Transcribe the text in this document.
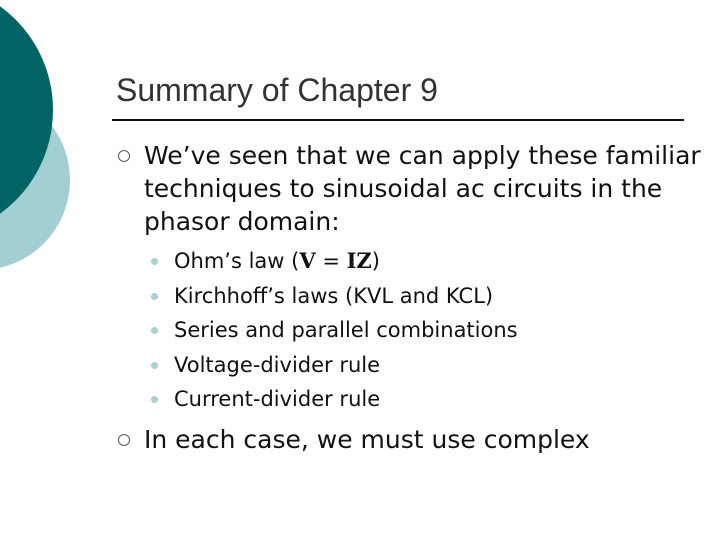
Summary of Chapter 9
We’ve seen that we can apply these familiar techniques to sinusoidal ac circuits in the phasor domain:
Ohm’s law (V = IZ)
Kirchhoff’s laws (KVL and KCL)
Series and parallel combinations
Voltage-divider rule
Current-divider rule
In each case, we must use complex
